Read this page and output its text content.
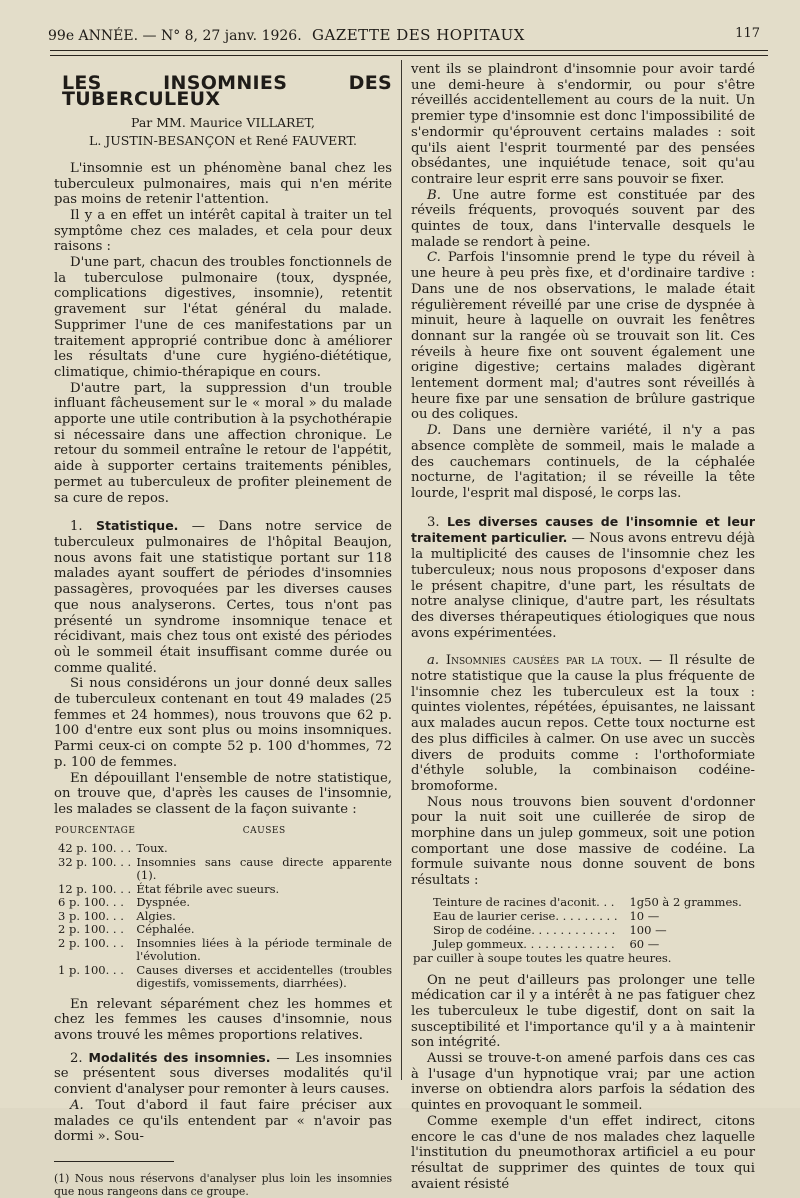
99e ANNÉE. — N° 8, 27 janv. 1926. GAZETTE DES HOPITAUX	117
LES INSOMNIES DES TUBERCULEUX
Par MM. Maurice VILLARET,
L. JUSTIN-BESANÇON et René FAUVERT.

L'insomnie est un phénomène banal chez les tuberculeux pulmonaires, mais qui n'en mérite pas moins de retenir l'attention.

Il y a en effet un intérêt capital à traiter un tel symptôme chez ces malades, et cela pour deux raisons :

D'une part, chacun des troubles fonctionnels de la tuberculose pulmonaire (toux, dyspnée, complications digestives, insomnie), retentit gravement sur l'état général du malade. Supprimer l'une de ces manifestations par un traitement approprié contribue donc à améliorer les résultats d'une cure hygiéno-diététique, climatique, chimio-thérapique en cours.

D'autre part, la suppression d'un trouble influant fâcheusement sur le « moral » du malade apporte une utile contribution à la psychothérapie si nécessaire dans une affection chronique. Le retour du sommeil entraîne le retour de l'appétit, aide à supporter certains traitements pénibles, permet au tuberculeux de profiter pleinement de sa cure de repos.

1. Statistique. — Dans notre service de tuberculeux pulmonaires de l'hôpital Beaujon, nous avons fait une statistique portant sur 118 malades ayant souffert de périodes d'insomnies passagères, provoquées par les diverses causes que nous analyserons. Certes, tous n'ont pas présenté un syndrome insomnique tenace et récidivant, mais chez tous ont existé des périodes où le sommeil était insuffisant comme durée ou comme qualité.

Si nous considérons un jour donné deux salles de tuberculeux contenant en tout 49 malades (25 femmes et 24 hommes), nous trouvons que 62 p. 100 d'entre eux sont plus ou moins insomniques. Parmi ceux-ci on compte 52 p. 100 d'hommes, 72 p. 100 de femmes.

En dépouillant l'ensemble de notre statistique, on trouve que, d'après les causes de l'insomnie, les malades se classent de la façon suivante :

POURCENTAGE	CAUSES
42 p. 100. . .	Toux.
32 p. 100. . .	Insomnies sans cause directe apparente (1).
12 p. 100. . .	État fébrile avec sueurs.
6 p. 100. . .	Dyspnée.
3 p. 100. . .	Algies.
2 p. 100. . .	Céphalée.
2 p. 100. . .	Insomnies liées à la période terminale de l'évolution.
1 p. 100. . .	Causes diverses et accidentelles (troubles digestifs, vomissements, diarrhées).

En relevant séparément chez les hommes et chez les femmes les causes d'insomnie, nous avons trouvé les mêmes proportions relatives.

2. Modalités des insomnies. — Les insomnies se présentent sous diverses modalités qu'il convient d'analyser pour remonter à leurs causes.

A. Tout d'abord il faut faire préciser aux malades ce qu'ils entendent par « n'avoir pas dormi ». Sou-

(1) Nous nous réservons d'analyser plus loin les insomnies que nous rangeons dans ce groupe.

vent ils se plaindront d'insomnie pour avoir tardé une demi-heure à s'endormir, ou pour s'être réveillés accidentellement au cours de la nuit. Un premier type d'insomnie est donc l'impossibilité de s'endormir qu'éprouvent certains malades : soit qu'ils aient l'esprit tourmenté par des pensées obsédantes, une inquiétude tenace, soit qu'au contraire leur esprit erre sans pouvoir se fixer.

B. Une autre forme est constituée par des réveils fréquents, provoqués souvent par des quintes de toux, dans l'intervalle desquels le malade se rendort à peine.

C. Parfois l'insomnie prend le type du réveil à une heure à peu près fixe, et d'ordinaire tardive : Dans une de nos observations, le malade était régulièrement réveillé par une crise de dyspnée à minuit, heure à laquelle on ouvrait les fenêtres donnant sur la rangée où se trouvait son lit. Ces réveils à heure fixe ont souvent également une origine digestive; certains malades digèrant lentement dorment mal; d'autres sont réveillés à heure fixe par une sensation de brûlure gastrique ou des coliques.

D. Dans une dernière variété, il n'y a pas absence complète de sommeil, mais le malade a des cauchemars continuels, de la céphalée nocturne, de l'agitation; il se réveille la tête lourde, l'esprit mal disposé, le corps las.

3. Les diverses causes de l'insomnie et leur traitement particulier. — Nous avons entrevu déjà la multiplicité des causes de l'insomnie chez les tuberculeux; nous nous proposons d'exposer dans le présent chapitre, d'une part, les résultats de notre analyse clinique, d'autre part, les résultats des diverses thérapeutiques étiologiques que nous avons expérimentées.

a. Insomnies causées par la toux. — Il résulte de notre statistique que la cause la plus fréquente de l'insomnie chez les tuberculeux est la toux : quintes violentes, répétées, épuisantes, ne laissant aux malades aucun repos. Cette toux nocturne est des plus difficiles à calmer. On use avec un succès divers de produits comme : l'orthoformiate d'éthyle soluble, la combinaison codéine-bromoforme.

Nous nous trouvons bien souvent d'ordonner pour la nuit soit une cuillerée de sirop de morphine dans un julep gommeux, soit une potion comportant une dose massive de codéine. La formule suivante nous donne souvent de bons résultats :

Teinture de racines d'aconit. . .	1g50 à 2 grammes.
Eau de laurier cerise. . . . . . . . .	10 —
Sirop de codéine. . . . . . . . . . . .	100 —
Julep gommeux. . . . . . . . . . . . .	60 —
par cuiller à soupe toutes les quatre heures.

On ne peut d'ailleurs pas prolonger une telle médication car il y a intérêt à ne pas fatiguer chez les tuberculeux le tube digestif, dont on sait la susceptibilité et l'importance qu'il y a à maintenir son intégrité.

Aussi se trouve-t-on amené parfois dans ces cas à l'usage d'un hypnotique vrai; par une action inverse on obtiendra alors parfois la sédation des quintes en provoquant le sommeil.

Comme exemple d'un effet indirect, citons encore le cas d'une de nos malades chez laquelle l'institution du pneumothorax artificiel a eu pour résultat de supprimer des quintes de toux qui avaient résisté
